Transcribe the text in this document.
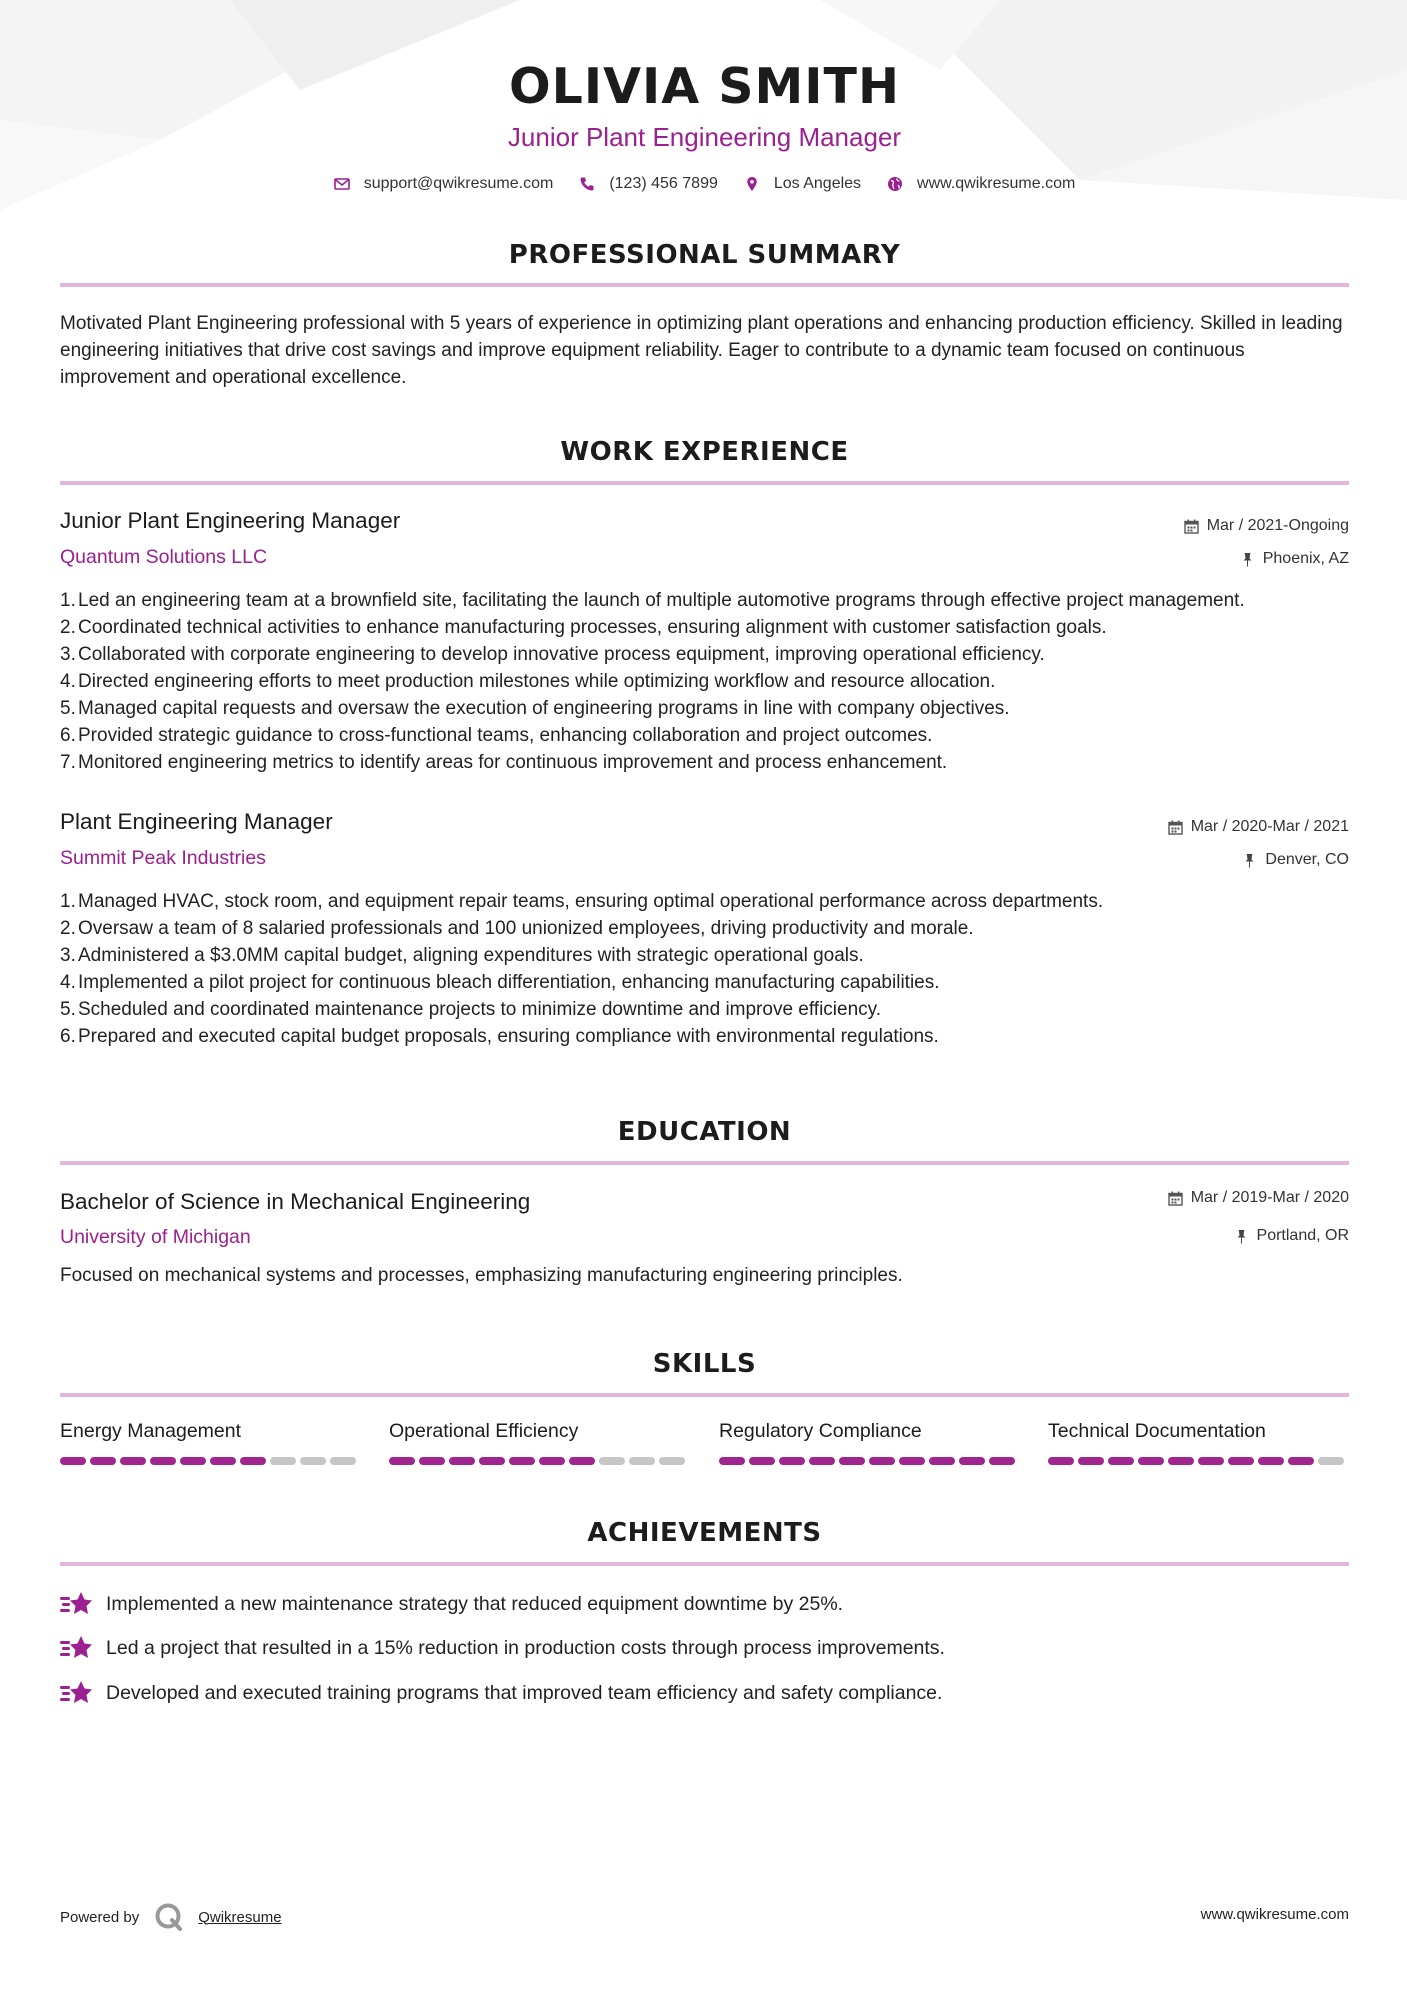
OLIVIA SMITH
Junior Plant Engineering Manager
support@qwikresume.com	(123) 456 7899	Los Angeles	www.qwikresume.com
PROFESSIONAL SUMMARY
Motivated Plant Engineering professional with 5 years of experience in optimizing plant operations and enhancing production efficiency. Skilled in leading engineering initiatives that drive cost savings and improve equipment reliability. Eager to contribute to a dynamic team focused on continuous improvement and operational excellence.
WORK EXPERIENCE
Junior Plant Engineering Manager
Quantum Solutions LLC
Mar / 2021-Ongoing
Phoenix, AZ
1. Led an engineering team at a brownfield site, facilitating the launch of multiple automotive programs through effective project management.
2. Coordinated technical activities to enhance manufacturing processes, ensuring alignment with customer satisfaction goals.
3. Collaborated with corporate engineering to develop innovative process equipment, improving operational efficiency.
4. Directed engineering efforts to meet production milestones while optimizing workflow and resource allocation.
5. Managed capital requests and oversaw the execution of engineering programs in line with company objectives.
6. Provided strategic guidance to cross-functional teams, enhancing collaboration and project outcomes.
7. Monitored engineering metrics to identify areas for continuous improvement and process enhancement.
Plant Engineering Manager
Summit Peak Industries
Mar / 2020-Mar / 2021
Denver, CO
1. Managed HVAC, stock room, and equipment repair teams, ensuring optimal operational performance across departments.
2. Oversaw a team of 8 salaried professionals and 100 unionized employees, driving productivity and morale.
3. Administered a $3.0MM capital budget, aligning expenditures with strategic operational goals.
4. Implemented a pilot project for continuous bleach differentiation, enhancing manufacturing capabilities.
5. Scheduled and coordinated maintenance projects to minimize downtime and improve efficiency.
6. Prepared and executed capital budget proposals, ensuring compliance with environmental regulations.
EDUCATION
Bachelor of Science in Mechanical Engineering
University of Michigan
Mar / 2019-Mar / 2020
Portland, OR
Focused on mechanical systems and processes, emphasizing manufacturing engineering principles.
SKILLS
Energy Management	Operational Efficiency	Regulatory Compliance	Technical Documentation
ACHIEVEMENTS
Implemented a new maintenance strategy that reduced equipment downtime by 25%.
Led a project that resulted in a 15% reduction in production costs through process improvements.
Developed and executed training programs that improved team efficiency and safety compliance.
Powered by	Qwikresume	www.qwikresume.com
